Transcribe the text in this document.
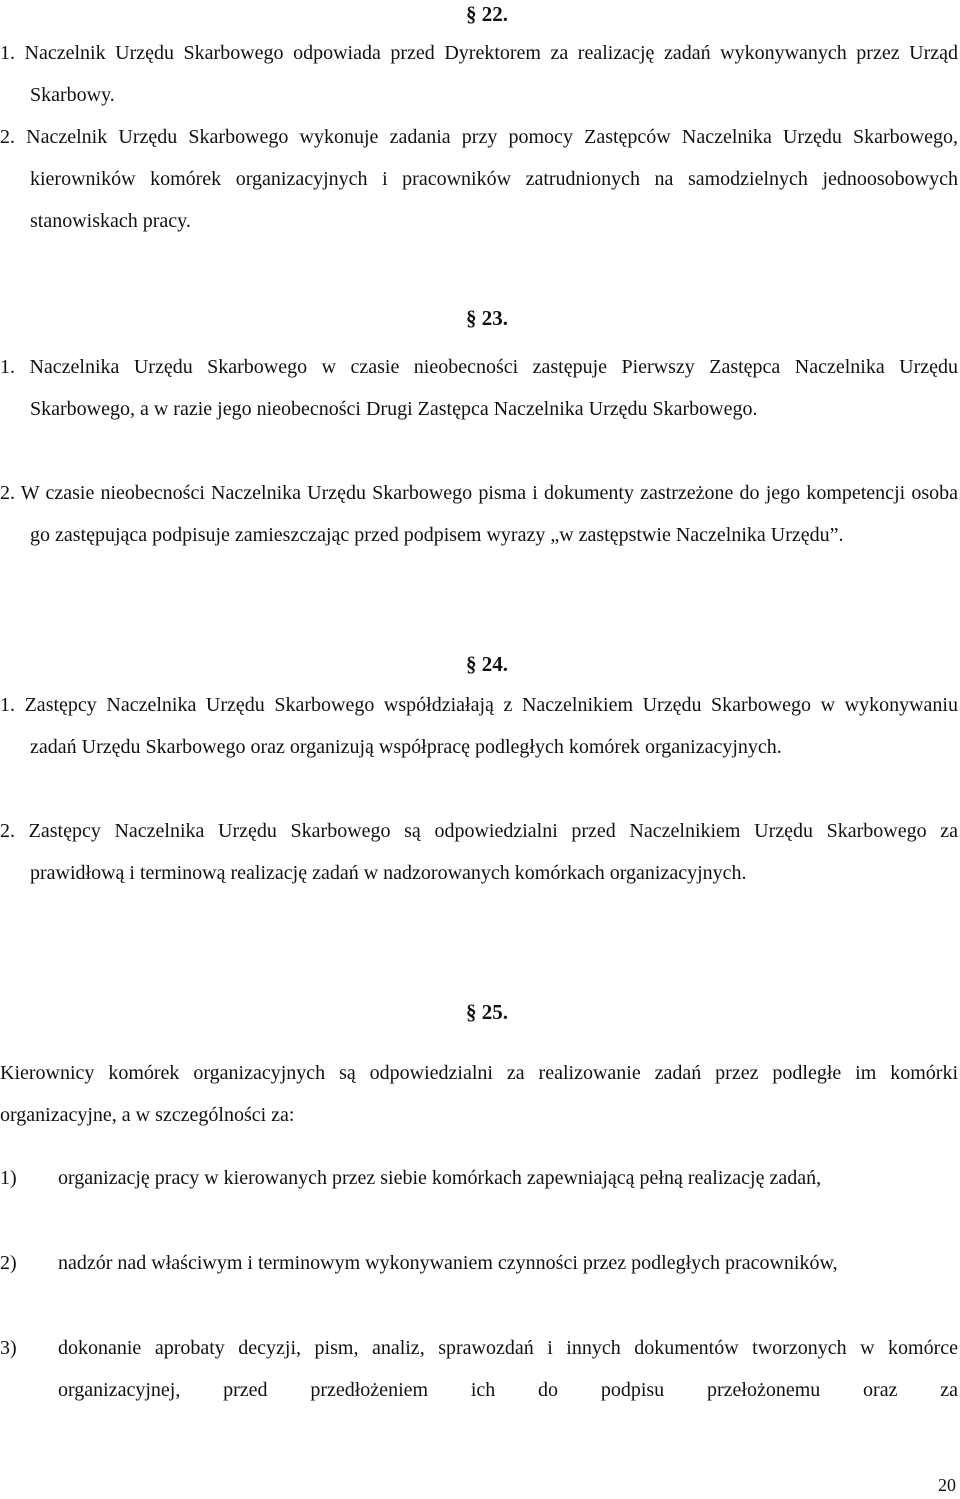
§ 22.

1. Naczelnik Urzędu Skarbowego odpowiada przed Dyrektorem za realizację zadań wykonywanych przez Urząd Skarbowy.

2. Naczelnik Urzędu Skarbowego wykonuje zadania przy pomocy Zastępców Naczelnika Urzędu Skarbowego, kierowników komórek organizacyjnych i pracowników zatrudnionych na samodzielnych jednoosobowych stanowiskach pracy.

§ 23.

1. Naczelnika Urzędu Skarbowego w czasie nieobecności zastępuje Pierwszy Zastępca Naczelnika Urzędu Skarbowego, a w razie jego nieobecności Drugi Zastępca Naczelnika Urzędu Skarbowego.

2. W czasie nieobecności Naczelnika Urzędu Skarbowego pisma i dokumenty zastrzeżone do jego kompetencji osoba go zastępująca podpisuje zamieszczając przed podpisem wyrazy „w zastępstwie Naczelnika Urzędu”.

§ 24.

1. Zastępcy Naczelnika Urzędu Skarbowego współdziałają z Naczelnikiem Urzędu Skarbowego w wykonywaniu zadań Urzędu Skarbowego oraz organizują współpracę podległych komórek organizacyjnych.

2. Zastępcy Naczelnika Urzędu Skarbowego są odpowiedzialni przed Naczelnikiem Urzędu Skarbowego za prawidłową i terminową realizację zadań w nadzorowanych komórkach organizacyjnych.

§ 25.

Kierownicy komórek organizacyjnych są odpowiedzialni za realizowanie zadań przez podległe im komórki organizacyjne, a w szczególności za:

1) organizację pracy w kierowanych przez siebie komórkach zapewniającą pełną realizację zadań,

2) nadzór nad właściwym i terminowym wykonywaniem czynności przez podległych pracowników,

3) dokonanie aprobaty decyzji, pism, analiz, sprawozdań i innych dokumentów tworzonych w komórce organizacyjnej, przed przedłożeniem ich do podpisu przełożonemu oraz za

20
